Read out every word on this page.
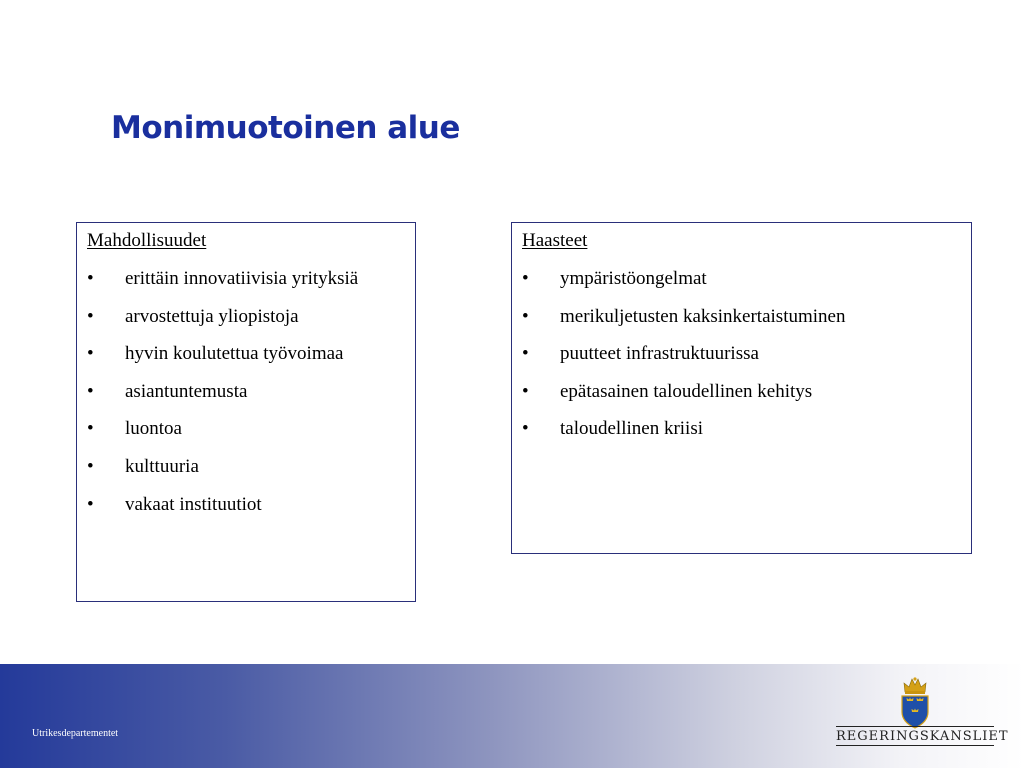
Monimuotoinen alue

Mahdollisuudet

• erittäin innovatiivisia yrityksiä
• arvostettuja yliopistoja
• hyvin koulutettua työvoimaa
• asiantuntemusta
• luontoa
• kulttuuria
• vakaat instituutiot

Haasteet

• ympäristöongelmat
• merikuljetusten kaksinkertaistuminen
• puutteet infrastruktuurissa
• epätasainen taloudellinen kehitys
• taloudellinen kriisi
Utrikesdepartementet	REGERINGSKANSLIET
